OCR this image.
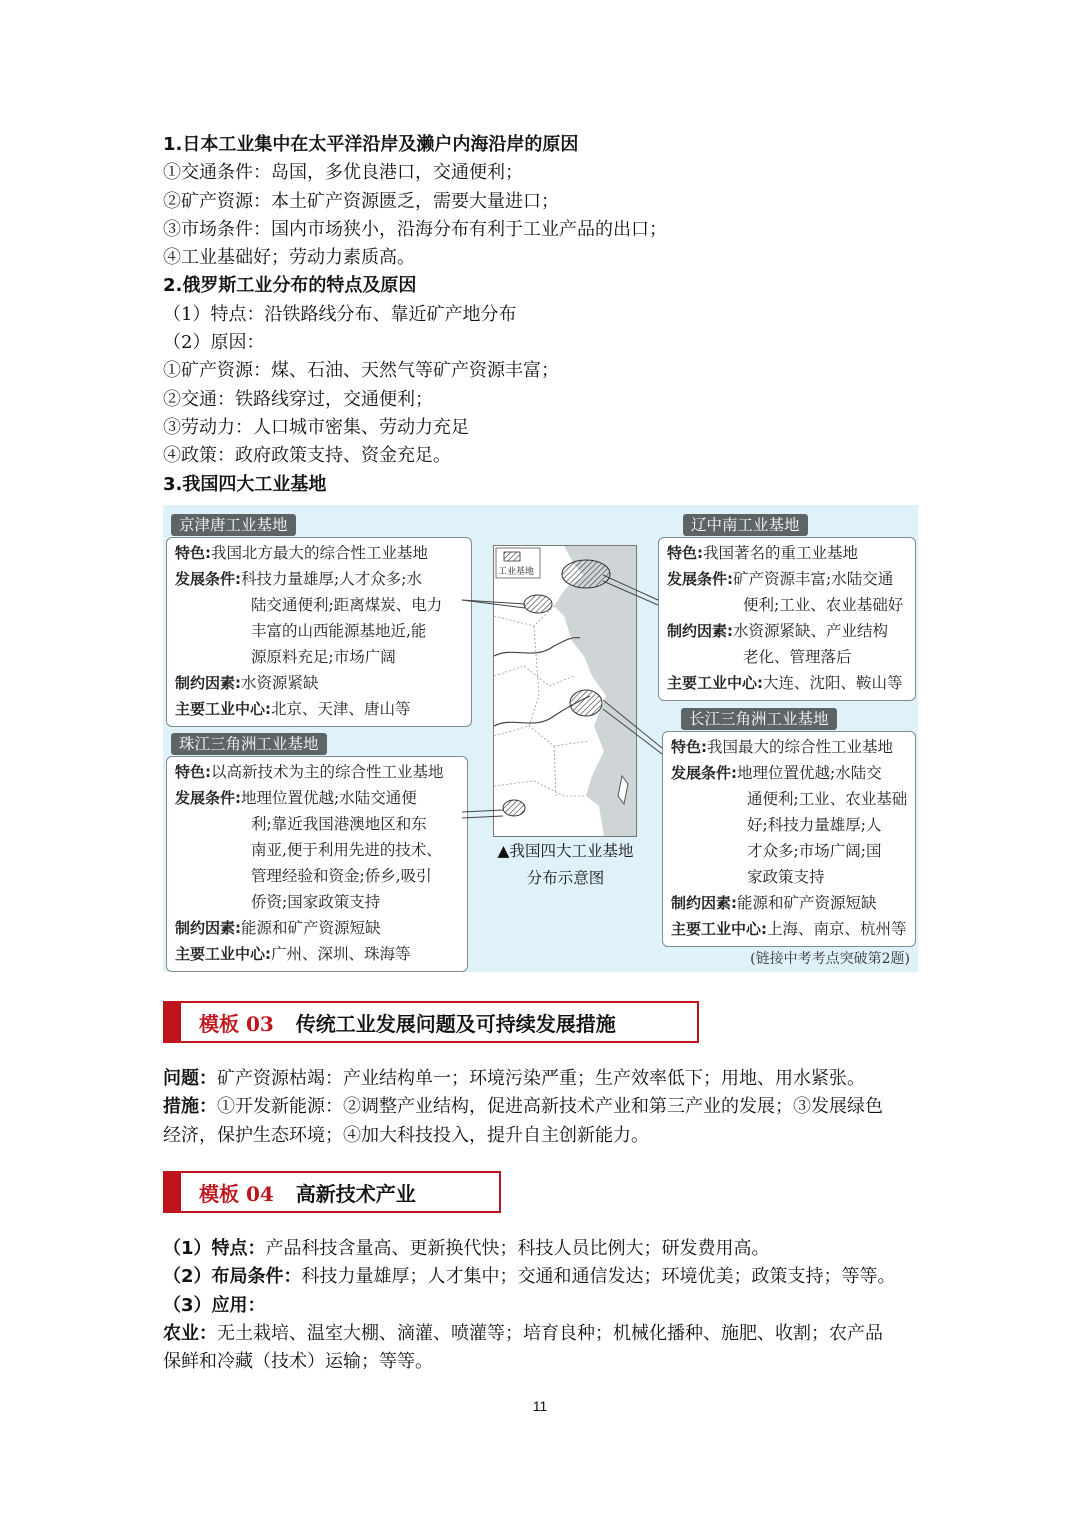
1.日本工业集中在太平洋沿岸及濑户内海沿岸的原因
①交通条件：岛国，多优良港口，交通便利；
②矿产资源：本土矿产资源匮乏，需要大量进口；
③市场条件：国内市场狭小，沿海分布有利于工业产品的出口；
④工业基础好；劳动力素质高。
2.俄罗斯工业分布的特点及原因
（1）特点：沿铁路线分布、靠近矿产地分布
（2）原因：
①矿产资源：煤、石油、天然气等矿产资源丰富；
②交通：铁路线穿过，交通便利；
③劳动力：人口城市密集、劳动力充足
④政策：政府政策支持、资金充足。
3.我国四大工业基地
京津唐工业基地
特色: 我国北方最大的综合性工业基地
发展条件: 科技力量雄厚;人才众多;水
陆交通便利;距离煤炭、电力
丰富的山西能源基地近,能
源原料充足;市场广阔
制约因素: 水资源紧缺
主要工业中心: 北京、天津、唐山等
珠江三角洲工业基地
特色: 以高新技术为主的综合性工业基地
发展条件: 地理位置优越;水陆交通便
利;靠近我国港澳地区和东
南亚,便于利用先进的技术、
管理经验和资金;侨乡,吸引
侨资;国家政策支持
制约因素: 能源和矿产资源短缺
主要工业中心: 广州、深圳、珠海等
辽中南工业基地
特色: 我国著名的重工业基地
发展条件: 矿产资源丰富;水陆交通
便利;工业、农业基础好
制约因素: 水资源紧缺、产业结构
老化、管理落后
主要工业中心: 大连、沈阳、鞍山等
长江三角洲工业基地
特色: 我国最大的综合性工业基地
发展条件: 地理位置优越;水陆交
通便利;工业、农业基础
好;科技力量雄厚;人
才众多;市场广阔;国
家政策支持
制约因素: 能源和矿产资源短缺
主要工业中心: 上海、南京、杭州等
工业基地
▲我国四大工业基地
分布示意图
(链接中考考点突破第2题)
模板 03 传统工业发展问题及可持续发展措施
问题：矿产资源枯竭：产业结构单一；环境污染严重；生产效率低下；用地、用水紧张。
措施：①开发新能源：②调整产业结构，促进高新技术产业和第三产业的发展；③发展绿色
经济，保护生态环境；④加大科技投入，提升自主创新能力。
模板 04 高新技术产业
（1）特点：产品科技含量高、更新换代快；科技人员比例大；研发费用高。
（2）布局条件：科技力量雄厚；人才集中；交通和通信发达；环境优美；政策支持；等等。
（3）应用：
农业：无土栽培、温室大棚、滴灌、喷灌等；培育良种；机械化播种、施肥、收割；农产品
保鲜和冷藏（技术）运输；等等。
11
